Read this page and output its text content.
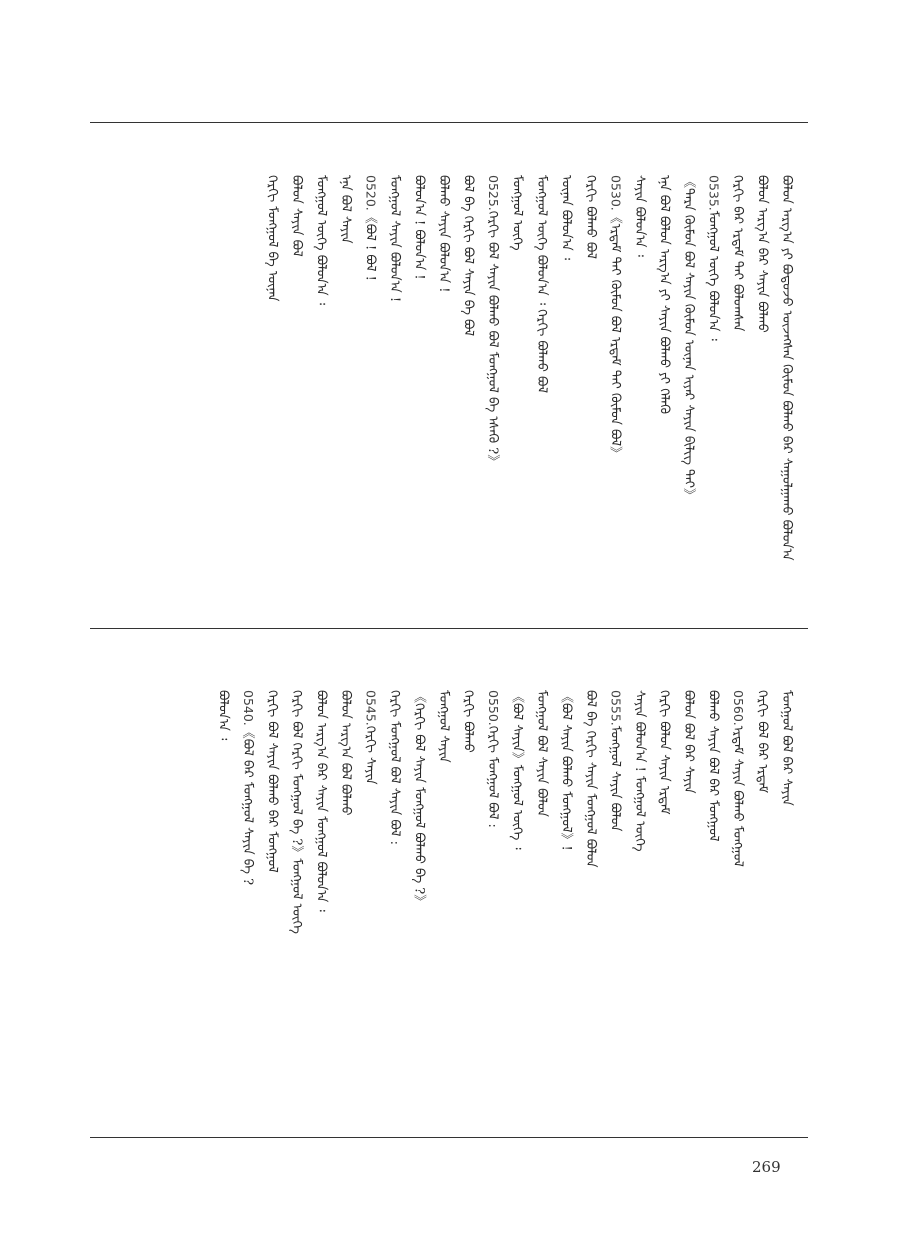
ᠪᠣᠯᠣᠨ ᠠᠷᠭ᠎ᠠ ᠶᠢ ᠪᠣᠳᠣᠵᠤ ᠦᠵᠡᠭᠰᠡᠨ ᠬᠦᠮᠦᠨ ᠪᠣᠯᠬᠤ ᠪᠠᠷ ᠰᠠᠭᠤᠯᠭᠠᠬᠤ ᠪᠣᠯᠤᠨ᠎ᠠ
ᠪᠣᠯᠣᠨ ᠠᠷᠭ᠎ᠠ ᠪᠠᠷ ᠰᠠᠶᠢᠨ ᠪᠣᠯᠬᠤ
ᠬᠡᠷᠬᠢ ᠪᠡᠷ ᠡᠷᠳᠡᠮ ᠲᠡᠢ ᠪᠣᠯᠤᠭᠰᠠᠨ
0535.ᠮᠣᠩᠭᠣᠯ ᠦᠭᠡ ᠪᠣᠯᠤᠨ᠎ᠠ ᠄
《ᠲᠡᠷᠡ ᠬᠦᠮᠦᠨ ᠪᠣᠯ ᠰᠠᠶᠢᠨ ᠬᠦᠮᠦᠨ ᠦᠨᠡᠨ ᠢᠶᠡᠷ ᠰᠠᠶᠢᠨ ᠪᠢᠯᠢᠭ ᠲᠡᠢ》
ᠡᠨᠡ ᠪᠣᠯ ᠪᠣᠯᠣᠨ ᠠᠷᠭ᠎ᠠ ᠶᠢ ᠰᠠᠶᠢᠨ ᠪᠣᠯᠬᠤ ᠶᠢ ᠬᠡᠯᠡᠬᠦ
ᠰᠠᠶᠢᠨ ᠪᠣᠯᠤᠨ᠎ᠠ ᠄
0530.《ᠡᠷᠳᠡᠮ ᠲᠡᠢ ᠬᠦᠮᠦᠨ ᠪᠣᠯ ᠡᠷᠳᠡᠮ ᠲᠡᠢ ᠬᠦᠮᠦᠨ ᠪᠣᠯ》
ᠬᠡᠷᠬᠢ ᠪᠣᠯᠬᠤ ᠪᠣᠯ
ᠦᠨᠡᠨ ᠪᠣᠯᠤᠨ᠎ᠠ ᠄
ᠮᠣᠩᠭᠣᠯ ᠦᠭᠡ ᠪᠣᠯᠤᠨ᠎ᠠ ᠄ ᠬᠡᠷᠬᠢ ᠪᠣᠯᠬᠤ ᠪᠣᠯ
ᠮᠣᠩᠭᠣᠯ ᠦᠭᠡ
0525.ᠬᠡᠷᠬᠢ ᠪᠣᠯ ᠰᠠᠶᠢᠨ ᠪᠣᠯᠬᠤ ᠪᠣᠯ ᠮᠣᠩᠭᠣᠯ ᠪᠠ ᠡᠰᠡᠬᠦ ?》
ᠪᠣᠯ ᠪᠠ ᠬᠡᠷᠬᠢ ᠪᠣᠯ ᠰᠠᠶᠢᠨ ᠪᠠ ᠪᠣᠯ
ᠪᠣᠯᠬᠤ ᠰᠠᠶᠢᠨ ᠪᠣᠯᠤᠨ᠎ᠠ !
ᠪᠣᠯᠤᠨ᠎ᠠ ! ᠪᠣᠯᠤᠨ᠎ᠠ !
ᠮᠣᠩᠭᠣᠯ ᠰᠠᠶᠢᠨ ᠪᠣᠯᠤᠨ᠎ᠠ !
0520.《ᠪᠣᠯ ! ᠪᠣᠯ !
ᠡᠨᠡ ᠪᠣᠯ ᠰᠠᠶᠢᠨ
ᠮᠣᠩᠭᠣᠯ ᠦᠭᠡ ᠪᠣᠯᠤᠨ᠎ᠠ ᠄
ᠪᠣᠯᠣᠨ ᠰᠠᠶᠢᠨ ᠪᠣᠯ
ᠬᠡᠷᠬᠢ ᠮᠣᠩᠭᠣᠯ ᠪᠠ ᠦᠨᠡᠨ
ᠮᠣᠩᠭᠣᠯ ᠪᠣᠯ ᠪᠠᠷ ᠰᠠᠶᠢᠨ
ᠬᠡᠷᠬᠢ ᠪᠣᠯ ᠪᠠᠷ ᠡᠷᠳᠡᠮ
0560.ᠡᠷᠳᠡᠮ ᠰᠠᠶᠢᠨ ᠪᠣᠯᠬᠤ ᠮᠣᠩᠭᠣᠯ
ᠪᠣᠯᠬᠤ ᠰᠠᠶᠢᠨ ᠪᠣᠯ ᠪᠠᠷ ᠮᠣᠩᠭᠣᠯ
ᠪᠣᠯᠤᠨ ᠪᠣᠯ ᠪᠠᠷ ᠰᠠᠶᠢᠨ
ᠬᠡᠷᠬᠢ ᠪᠣᠯᠤᠨ ᠰᠠᠶᠢᠨ ᠡᠷᠳᠡᠮ
ᠰᠠᠶᠢᠨ ᠪᠣᠯᠤᠨ᠎ᠠ ! ᠮᠣᠩᠭᠣᠯ ᠦᠭᠡ
0555.ᠮᠣᠩᠭᠣᠯ ᠰᠠᠶᠢᠨ ᠪᠣᠯᠤᠨ
ᠪᠣᠯ ᠪᠠ ᠬᠡᠷᠬᠢ ᠰᠠᠶᠢᠨ ᠮᠣᠩᠭᠣᠯ ᠪᠣᠯᠤᠨ
《ᠪᠣᠯ ᠰᠠᠶᠢᠨ ᠪᠣᠯᠬᠤ ᠮᠣᠩᠭᠣᠯ》!
ᠮᠣᠩᠭᠣᠯ ᠪᠣᠯ ᠰᠠᠶᠢᠨ ᠪᠣᠯᠣᠨ
《ᠪᠣᠯ ᠰᠠᠶᠢᠨ》ᠮᠣᠩᠭᠣᠯ ᠦᠭᠡ ᠄
0550.ᠬᠡᠷᠬᠢ ᠮᠣᠩᠭᠣᠯ ᠪᠣᠯ :
ᠬᠡᠷᠬᠢ ᠪᠣᠯᠬᠤ
ᠮᠣᠩᠭᠣᠯ ᠰᠠᠶᠢᠨ
《ᠬᠡᠷᠬᠢ ᠪᠣᠯ ᠰᠠᠶᠢᠨ ᠮᠣᠩᠭᠣᠯ ᠪᠣᠯᠬᠤ ᠪᠠ ?》
ᠬᠡᠷᠬᠢ ᠮᠣᠩᠭᠣᠯ ᠪᠣᠯ ᠰᠠᠶᠢᠨ ᠪᠣᠯ :
0545.ᠬᠡᠷᠬᠢ ᠰᠠᠶᠢᠨ
ᠪᠣᠯᠣᠨ ᠠᠷᠭ᠎ᠠ ᠪᠣᠯ ᠪᠣᠯᠬᠤ
ᠪᠣᠯᠣᠨ ᠠᠷᠭ᠎ᠠ ᠪᠠᠷ ᠰᠠᠶᠢᠨ ᠮᠣᠩᠭᠣᠯ ᠪᠣᠯᠤᠨ᠎ᠠ ᠄
ᠬᠡᠷᠬᠢ ᠪᠣᠯ ᠬᠡᠷᠬᠢ ᠮᠣᠩᠭᠣᠯ ᠪᠠ ?》ᠮᠣᠩᠭᠣᠯ ᠦᠭᠡ
ᠬᠡᠷᠬᠢ ᠪᠣᠯ ᠰᠠᠶᠢᠨ ᠪᠣᠯᠬᠤ ᠪᠠᠷ ᠮᠣᠩᠭᠣᠯ
0540.《ᠪᠣᠯ ᠪᠠᠷ ᠮᠣᠩᠭᠣᠯ ᠰᠠᠶᠢᠨ ᠪᠠ ?
ᠪᠣᠯᠤᠨ᠎ᠠ ᠄
269
